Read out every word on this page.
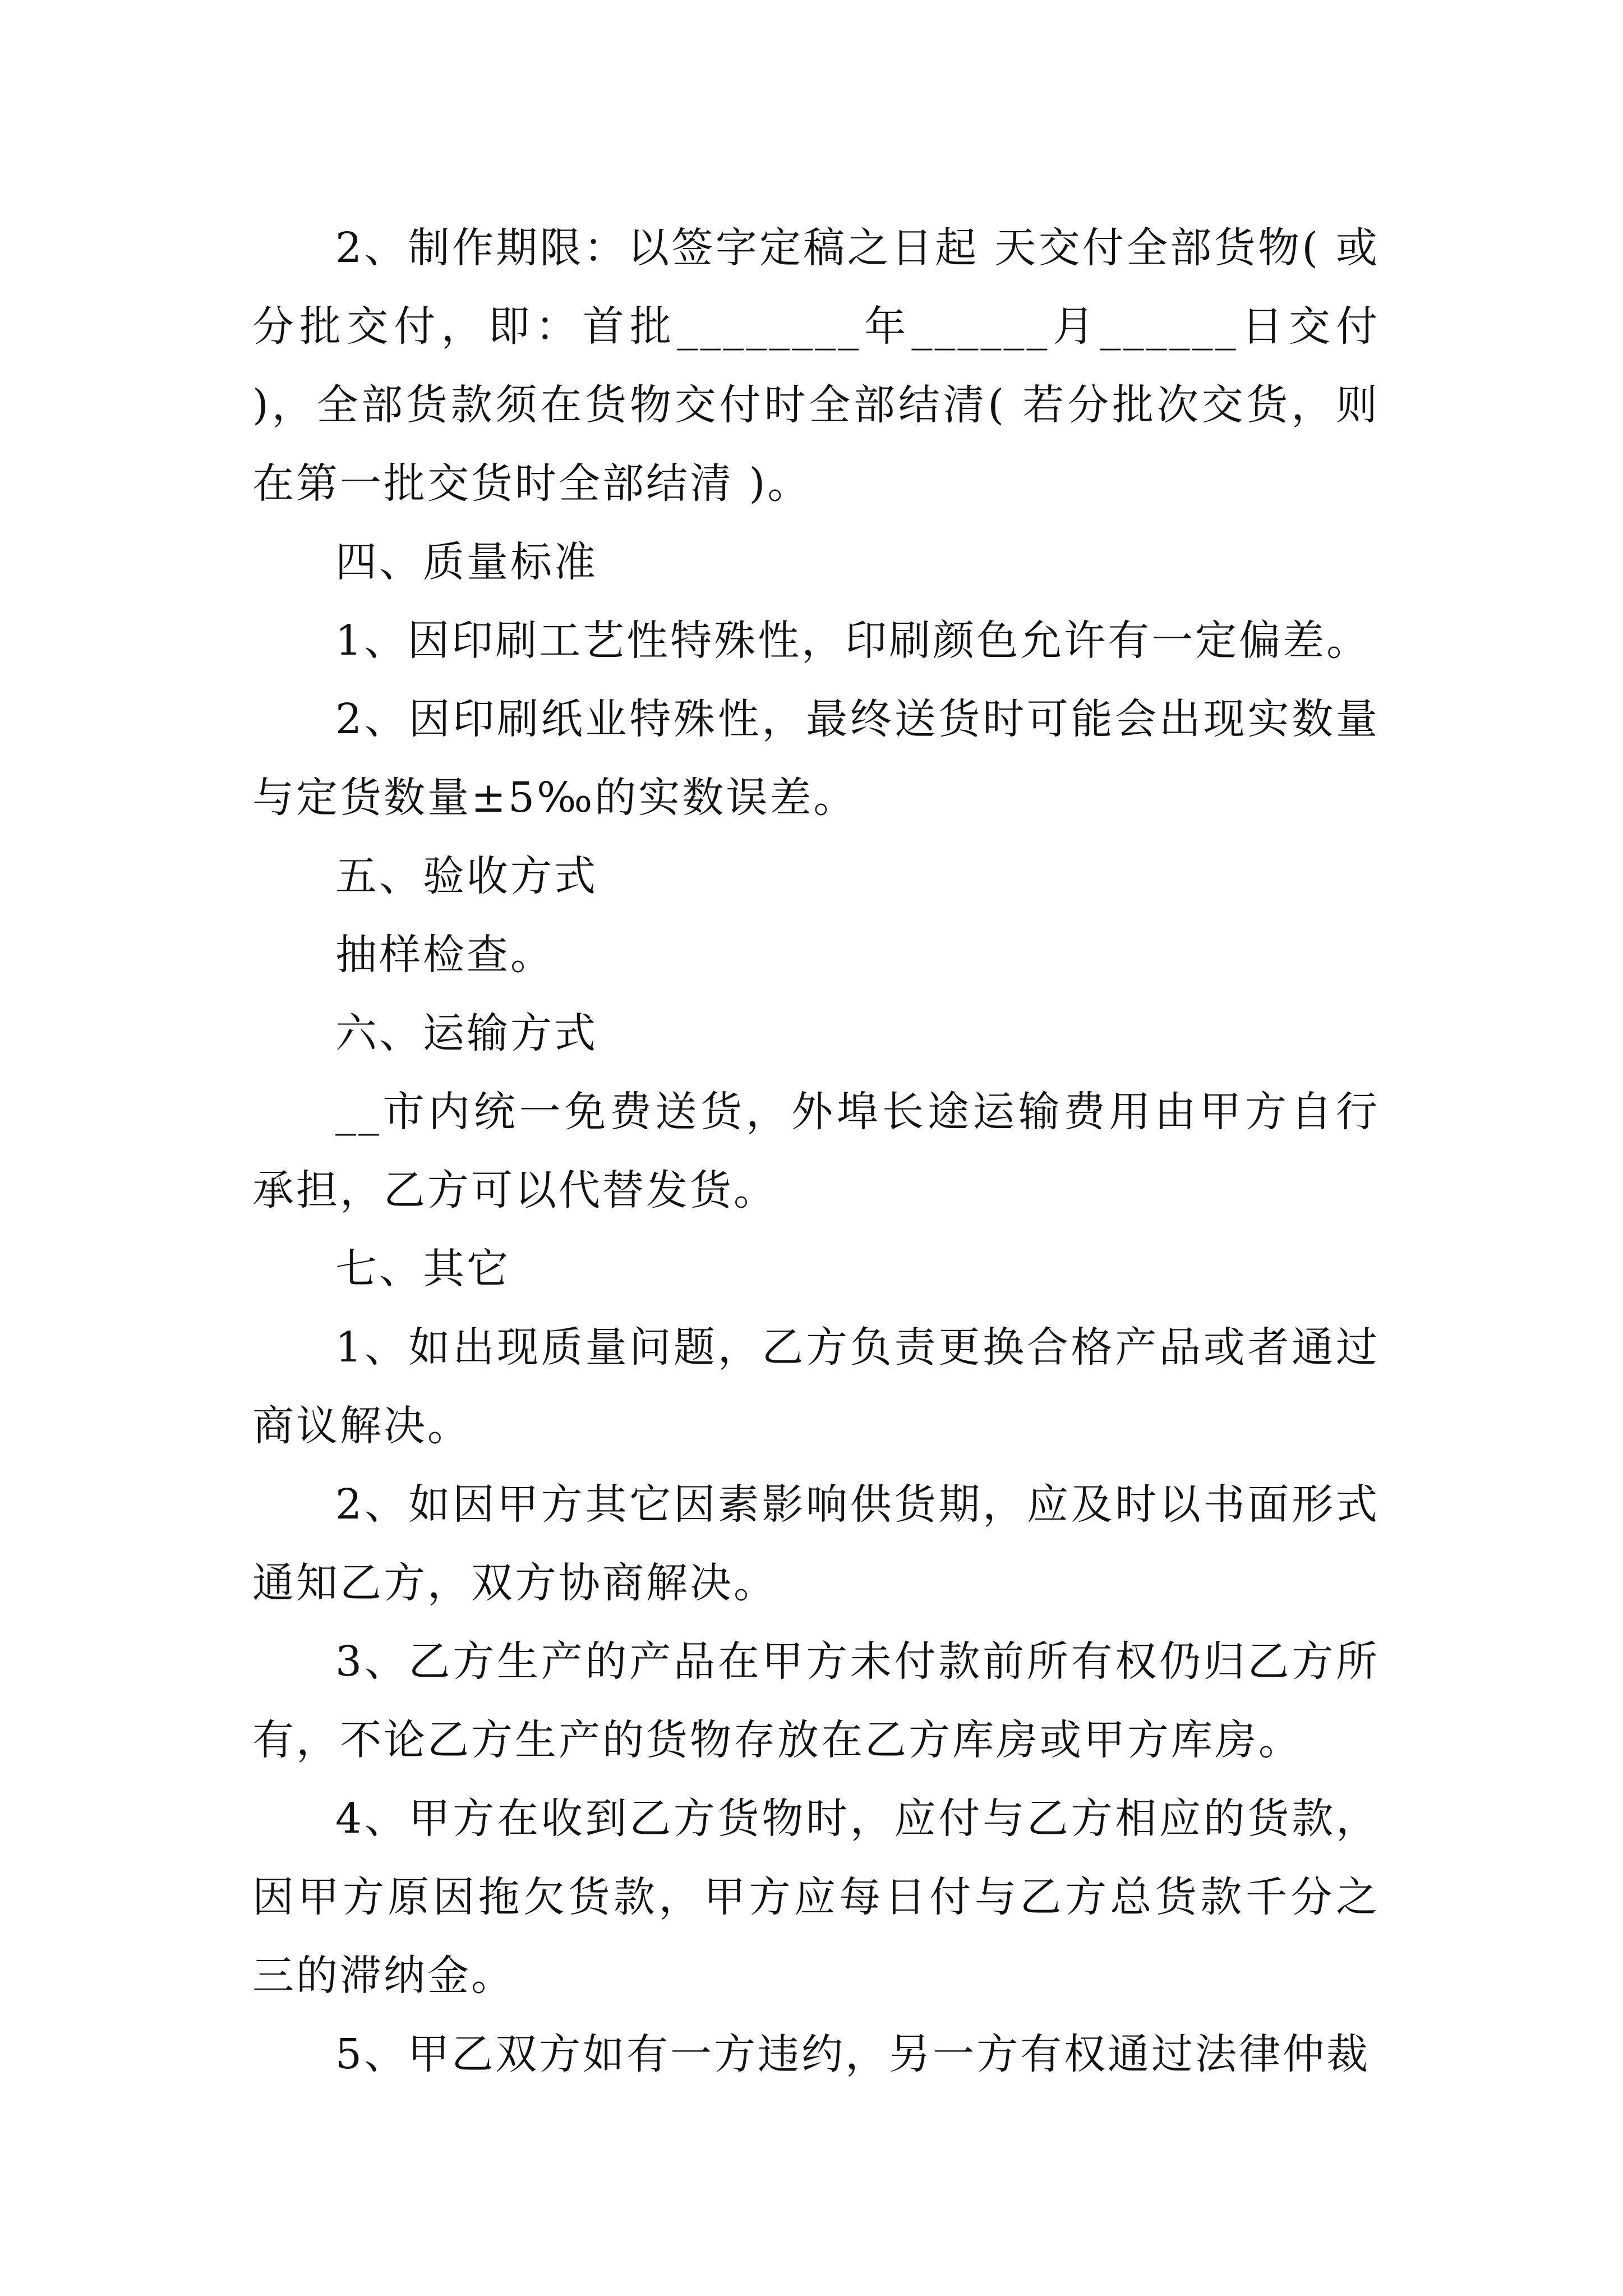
2、制作期限：以签字定稿之日起 天交付全部货物( 或分批交付，即：首批________年______月______日交付 )，全部货款须在货物交付时全部结清( 若分批次交货，则在第一批交货时全部结清 )。

四、质量标准

1、因印刷工艺性特殊性，印刷颜色允许有一定偏差。

2、因印刷纸业特殊性，最终送货时可能会出现实数量与定货数量±5‰的实数误差。

五、验收方式

抽样检查。

六、运输方式

__市内统一免费送货，外埠长途运输费用由甲方自行承担，乙方可以代替发货。

七、其它

1、如出现质量问题，乙方负责更换合格产品或者通过商议解决。

2、如因甲方其它因素影响供货期，应及时以书面形式通知乙方，双方协商解决。

3、乙方生产的产品在甲方未付款前所有权仍归乙方所有，不论乙方生产的货物存放在乙方库房或甲方库房。

4、甲方在收到乙方货物时，应付与乙方相应的货款，因甲方原因拖欠货款，甲方应每日付与乙方总货款千分之三的滞纳金。

5、甲乙双方如有一方违约，另一方有权通过法律仲裁
